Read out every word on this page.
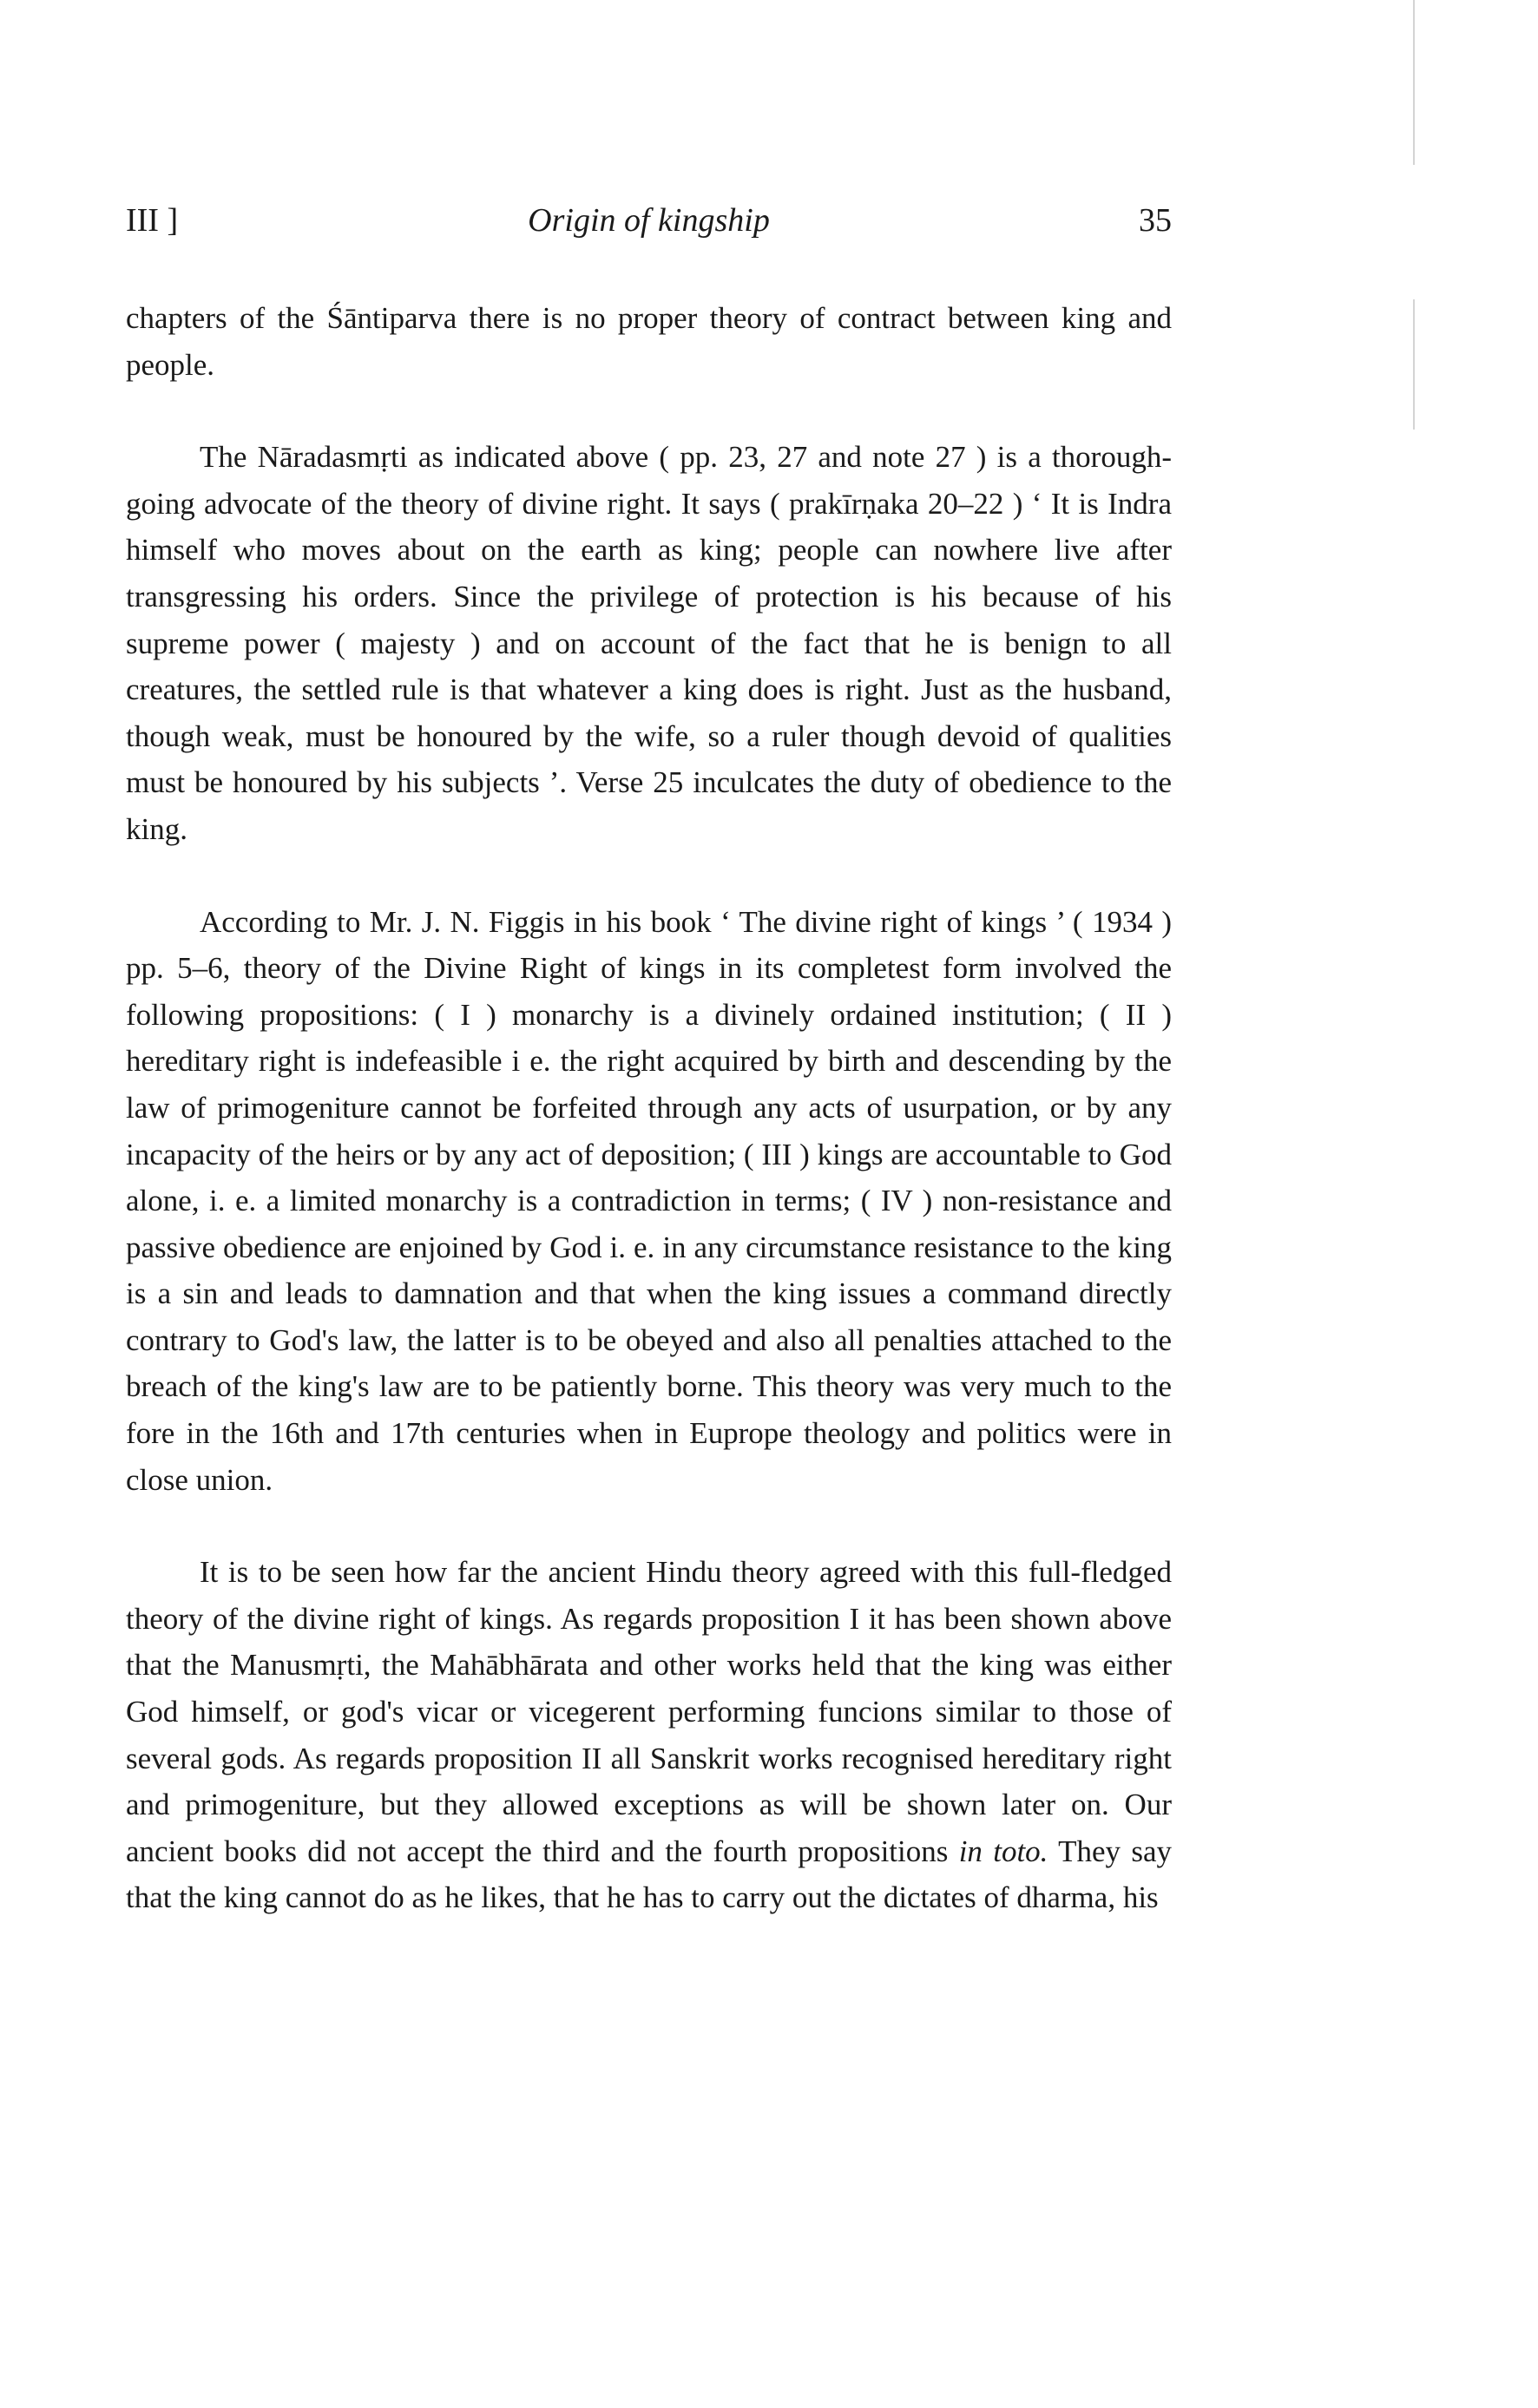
III ]	Origin of kingship	35

chapters of the Śāntiparva there is no proper theory of contract between king and people.

The Nāradasmṛti as indicated above ( pp. 23, 27 and note 27 ) is a thorough-going advocate of the theory of divine right. It says ( prakīrṇaka 20–22 ) ‘ It is Indra himself who moves about on the earth as king; people can nowhere live after transgressing his orders. Since the privilege of protection is his because of his supreme power ( majesty ) and on account of the fact that he is benign to all creatures, the settled rule is that whatever a king does is right. Just as the husband, though weak, must be honoured by the wife, so a ruler though devoid of qualities must be honoured by his subjects ’. Verse 25 inculcates the duty of obedience to the king.

According to Mr. J. N. Figgis in his book ‘ The divine right of kings ’ ( 1934 ) pp. 5–6, theory of the Divine Right of kings in its completest form involved the following propositions: ( I ) monarchy is a divinely ordained institution; ( II ) hereditary right is indefeasible i e. the right acquired by birth and descending by the law of primogeniture cannot be forfeited through any acts of usurpation, or by any incapacity of the heirs or by any act of deposition; ( III ) kings are accountable to God alone, i. e. a limited monarchy is a contradiction in terms; ( IV ) non-resistance and passive obedience are enjoined by God i. e. in any circumstance resistance to the king is a sin and leads to damnation and that when the king issues a command directly contrary to God's law, the latter is to be obeyed and also all penalties attached to the breach of the king's law are to be patiently borne. This theory was very much to the fore in the 16th and 17th centuries when in Euprope theology and politics were in close union.

It is to be seen how far the ancient Hindu theory agreed with this full-fledged theory of the divine right of kings. As regards proposition I it has been shown above that the Manusmṛti, the Mahābhārata and other works held that the king was either God himself, or god's vicar or vicegerent performing funcions similar to those of several gods. As regards proposition II all Sanskrit works recognised hereditary right and primogeniture, but they allowed exceptions as will be shown later on. Our ancient books did not accept the third and the fourth propositions in toto. They say that the king cannot do as he likes, that he has to carry out the dictates of dharma, his
